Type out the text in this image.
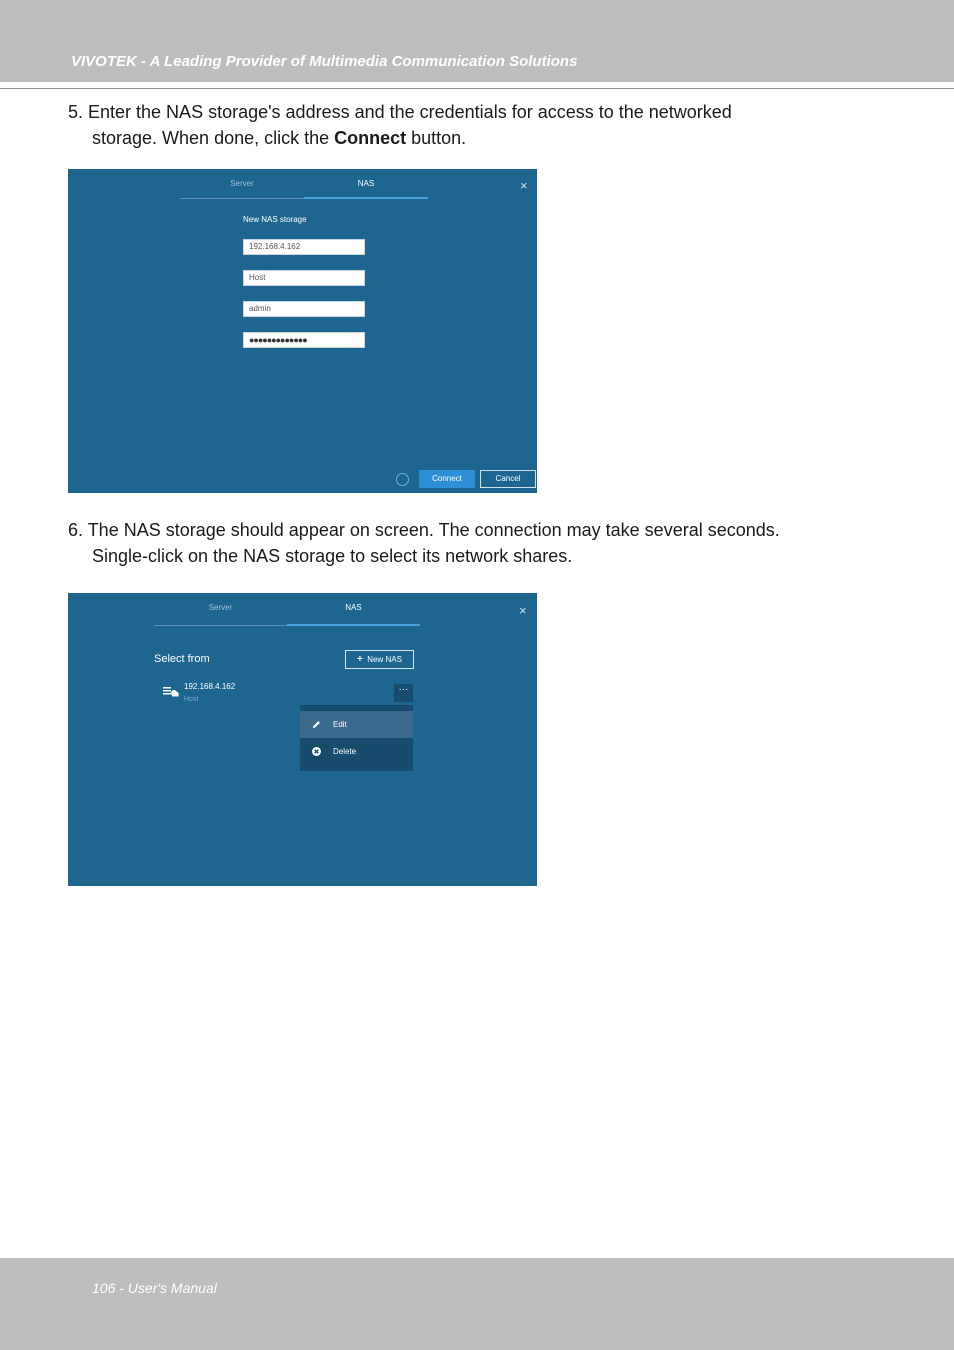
VIVOTEK - A Leading Provider of Multimedia Communication Solutions
5. Enter the NAS storage's address and the credentials for access to the networked
storage. When done, click the Connect button.
Server	NAS	×
New NAS storage
192.168.4.162
Host
admin
●●●●●●●●●●●●●
Connect	Cancel
6. The NAS storage should appear on screen. The connection may take several seconds.
Single-click on the NAS storage to select its network shares.
Server	NAS	×
Select from	+ New NAS
192.168.4.162
Host
···
Edit
Delete
106 - User's Manual
